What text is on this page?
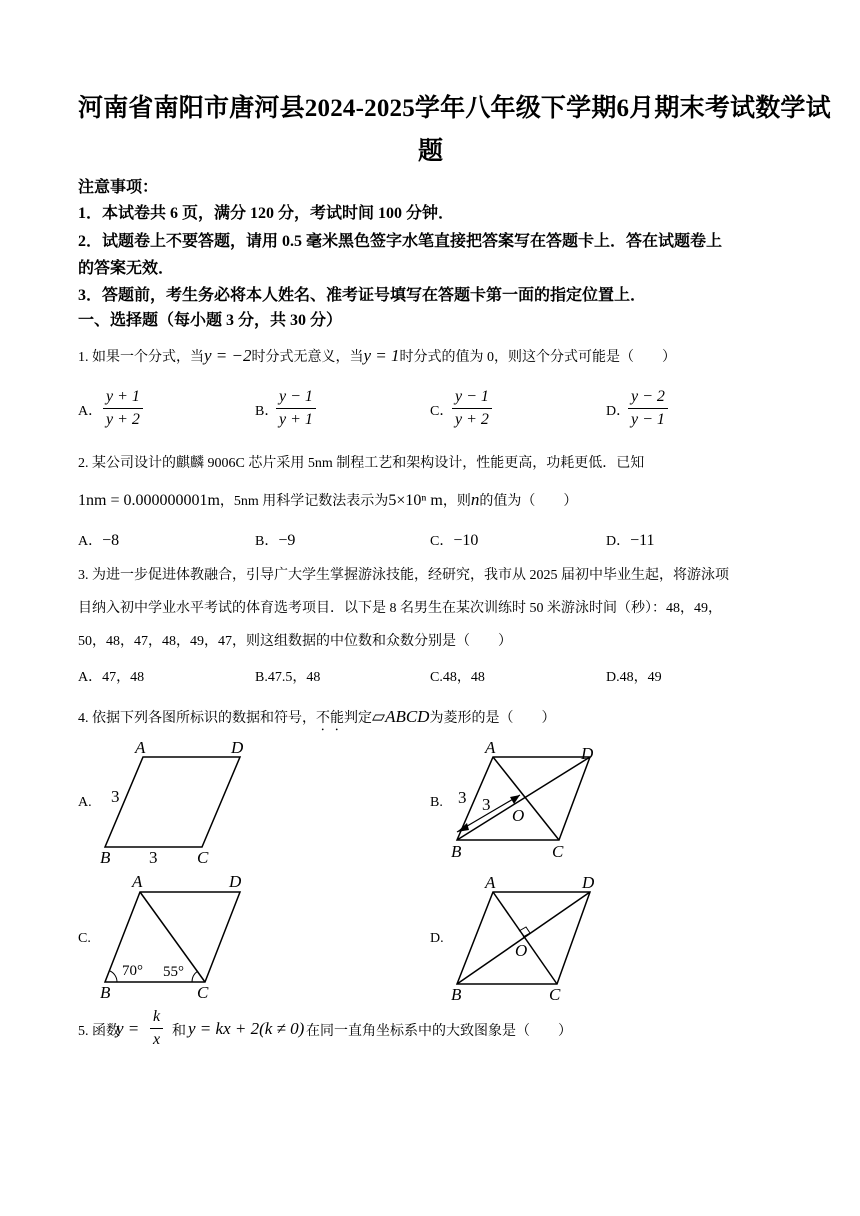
河南省南阳市唐河县2024-2025学年八年级下学期6月期末考试数学试
题
注意事项：
1．本试卷共 6 页，满分 120 分，考试时间 100 分钟．
2．试题卷上不要答题，请用 0.5 毫米黑色签字水笔直接把答案写在答题卡上．答在试题卷上
的答案无效．
3．答题前，考生务必将本人姓名、准考证号填写在答题卡第一面的指定位置上．
一、选择题（每小题 3 分，共 30 分）
1. 如果一个分式，当y = −2时分式无意义，当y = 1时分式的值为 0，则这个分式可能是（　　）
A． $\frac{y + 1}{y + 2}$	B．
$\frac{y - 1}{y + 1}$	C．
$\frac{y - 1}{y + 2}$	D．
$\frac{y - 2}{y - 1}$
2. 某公司设计的麒麟 9006C 芯片采用 5nm 制程工艺和架构设计，性能更高，功耗更低．已知
1nm = 0.000000001m，5nm 用科学记数法表示为5×10ⁿ m，则n的值为（　　）
A．−8	B．−9	C．−10	D．−11
3. 为进一步促进体教融合，引导广大学生掌握游泳技能，经研究，我市从 2025 届初中毕业生起，将游泳项
目纳入初中学业水平考试的体育选考项目．以下是 8 名男生在某次训练时 50 米游泳时间（秒）：48，49，
50，48，47，48，49，47，则这组数据的中位数和众数分别是（　　）
A．47，48	B.47.5，48	C.48，48	D.48，49
4. 依据下列各图所标识的数据和符号，不能判定▱ABCD为菱形的是（　　）
A.	B.
C.	D.
A	D
B	C
3
3
A	D
B	C
O
3 3
A	D
B	C
70° 55°
A	D
B	C
O
5. 函数
$y = \frac{k}{x}$ 和 y = kx + 2(k ≠ 0) 在同一直角坐标系中的大致图象是（　　）
